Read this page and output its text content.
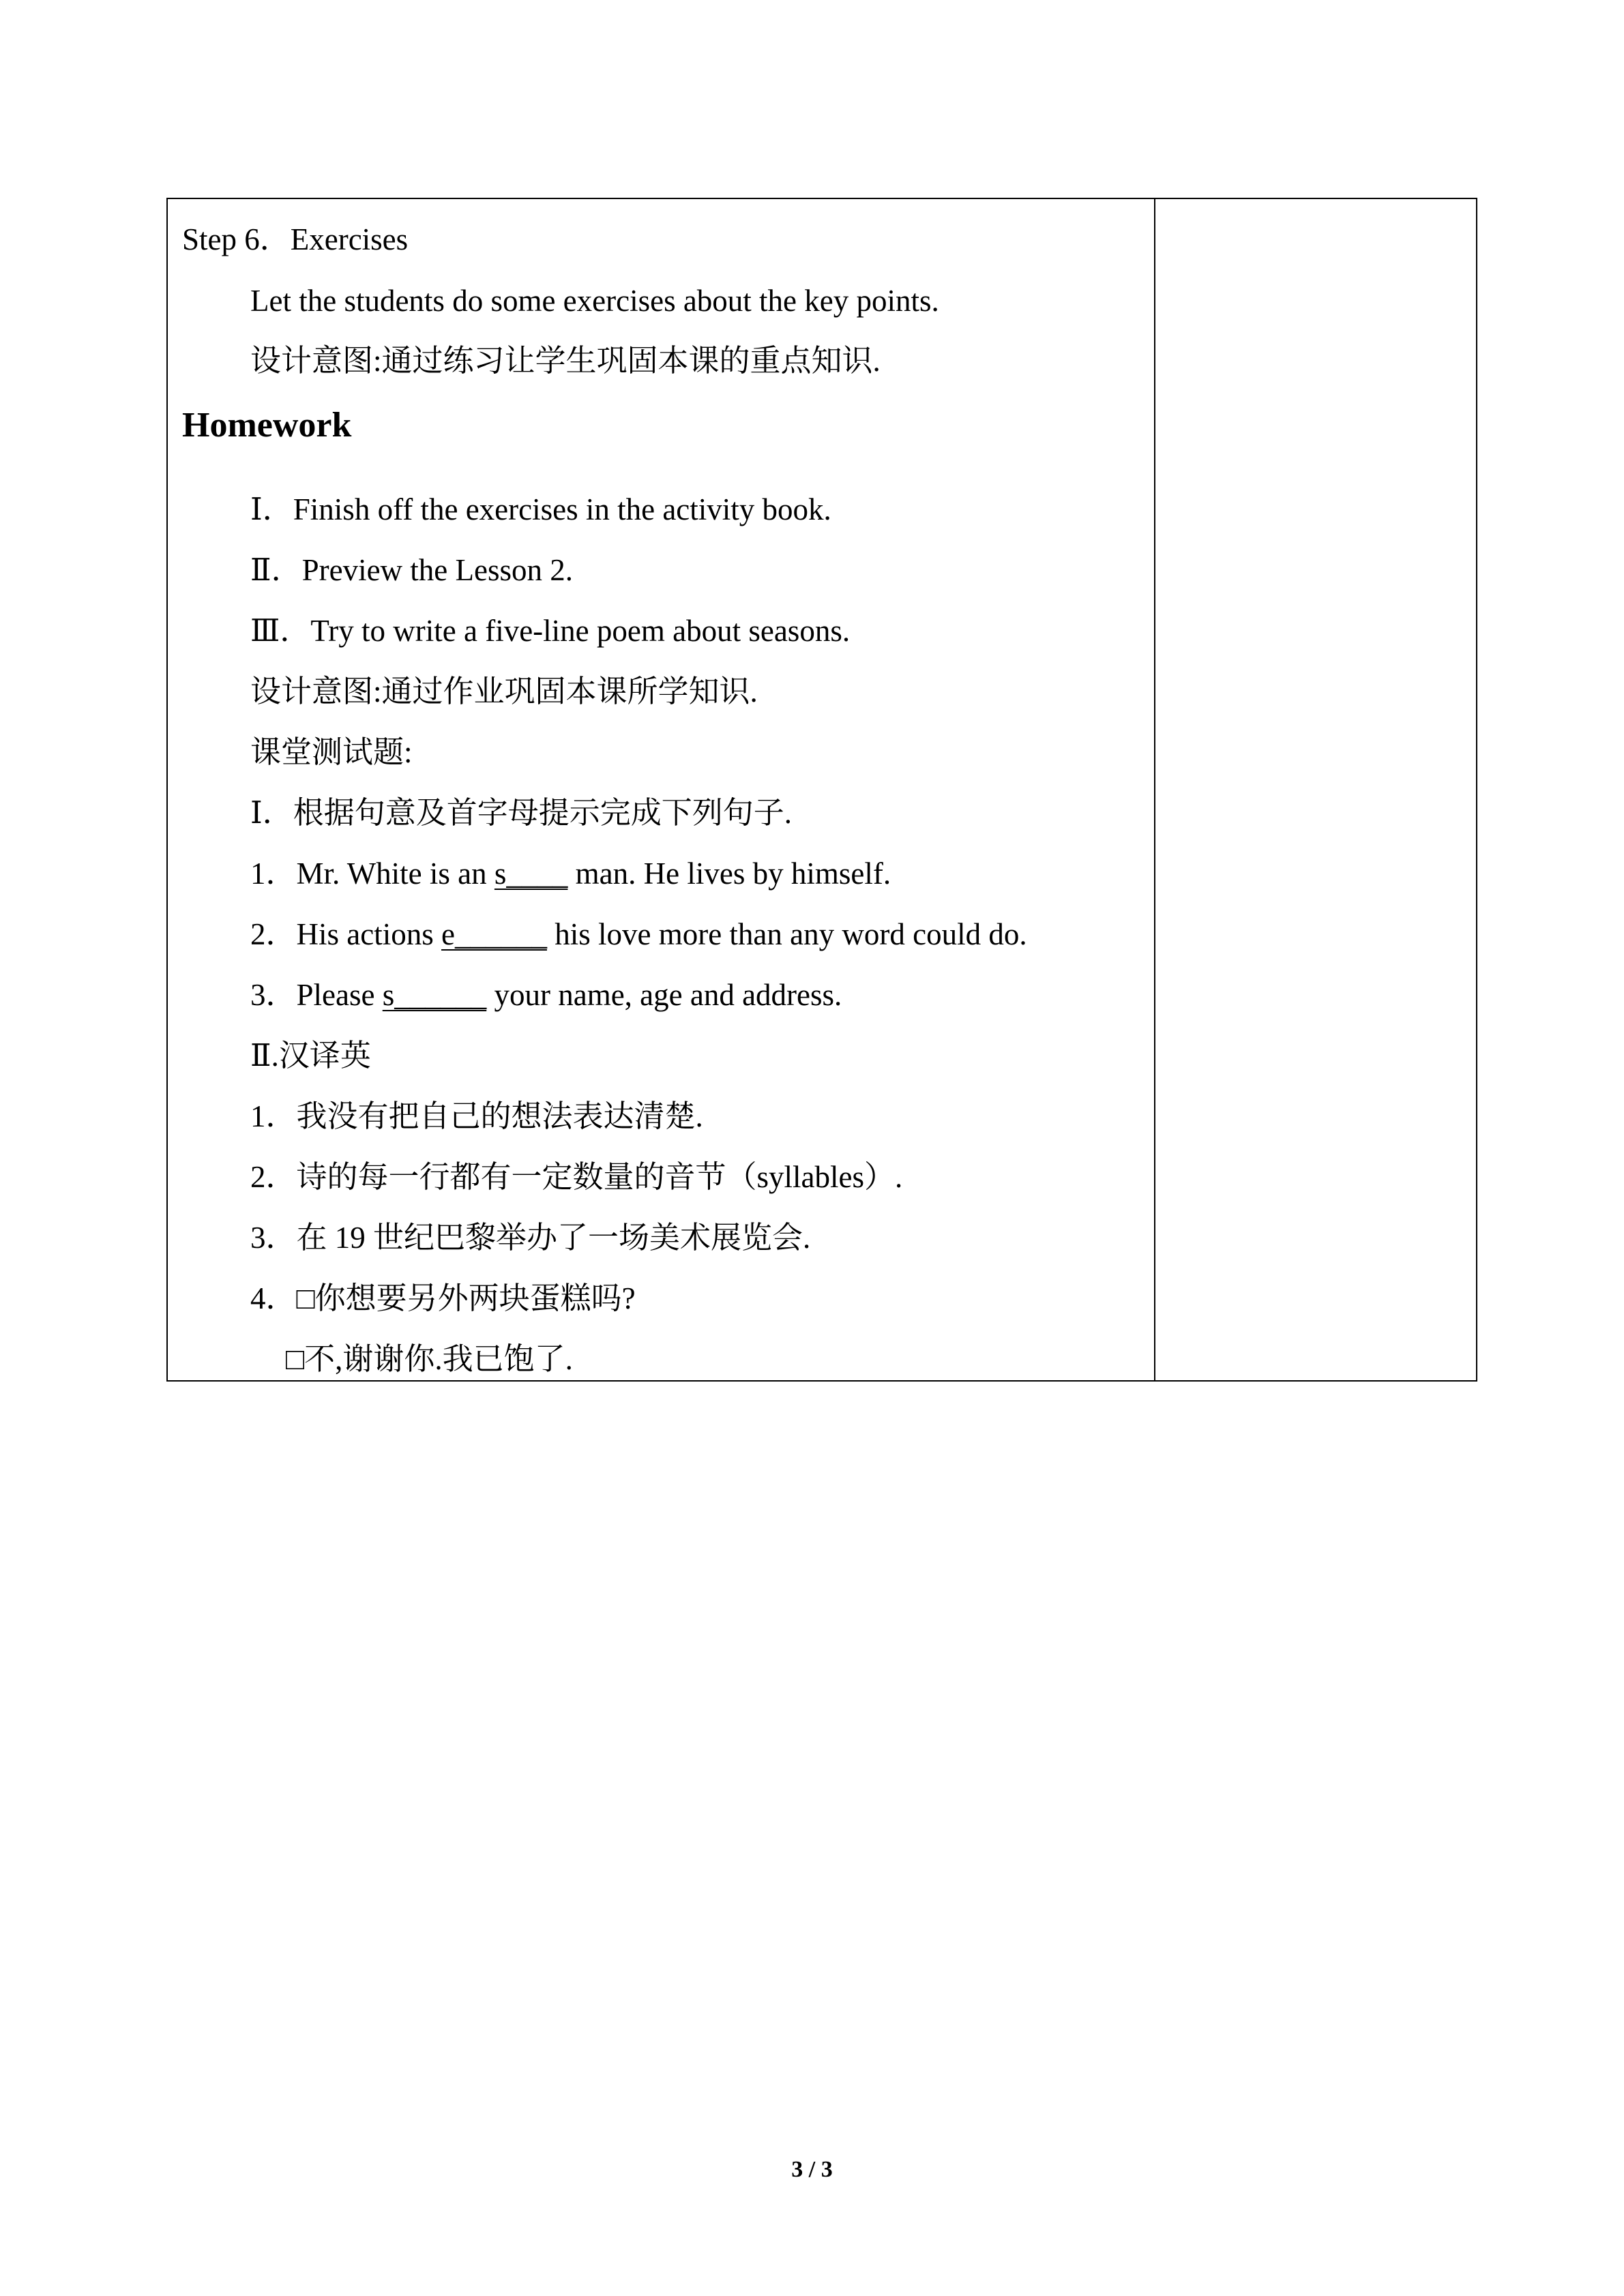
Step 6．Exercises
Let the students do some exercises about the key points.
设计意图:通过练习让学生巩固本课的重点知识.
Homework
Ⅰ．Finish off the exercises in the activity book.
Ⅱ．Preview the Lesson 2.
Ⅲ．Try to write a five-line poem about seasons.
设计意图:通过作业巩固本课所学知识.
课堂测试题:
Ⅰ．根据句意及首字母提示完成下列句子.
1．Mr. White is an s____ man. He lives by himself.
2．His actions e______ his love more than any word could do.
3．Please s______ your name, age and address.
Ⅱ.汉译英
1．我没有把自己的想法表达清楚.
2．诗的每一行都有一定数量的音节（syllables）.
3．在 19 世纪巴黎举办了一场美术展览会.
4．□你想要另外两块蛋糕吗?
□不,谢谢你.我已饱了.

3 / 3
